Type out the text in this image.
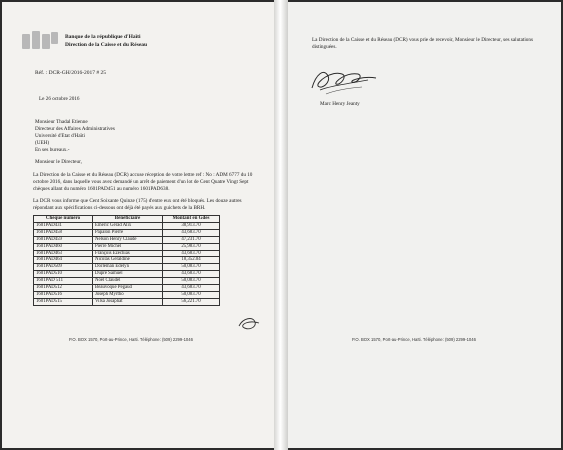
Banque de la république d'Haïti
Direction de la Caisse et du Réseau
Réf. : DCR-GH/2016-2017 # 25
Le 26 octobre 2016
Monsieur Thadal Etienne
Directeur des Affaires Administratives
Université d'Etat d'Haïti
(UEH)
En ses bureaux.-
Monsieur le Directeur,
La Direction de la Caisse et du Réseau (DCR) accuse réception de votre lettre ref : No : ADM 6777 du 10 octobre 2016, dans laquelle vous avez demandé un arrêt de paiement d'un lot de Cent Quatre Vingt Sept chèques allant du numéro 1601PAD451 au numéro 1601PAD638.
La DCR vous informe que Cent Soixante Quinze (175) d'entre eux ont été bloqués. Les douze autres répondant aux spécifications ci-dessous ont déjà été payés aux guichets de la BRH.
Chèque numéro	Bénéficiaire	Montant en Gdes
1601PAD431	Emeric Gérad Alix	38,913.70
1601PAD458	Papalon Pierre	43,683.70
1601PAD459	Nelson Henry Claude	47,231.70
1601PAD460	Pierre Michel	25,983.70
1601PAD463	François Ezechias	43,683.70
1601PAD464	Nicolas Geraldine	18,352.04
1601PAD509	Dorleman Edelyn	50,083.70
1601PAD510	Dupré Samuel	43,683.70
1601PAD 511	Noël Claudel	50,083.70
1601PAD512	Beauvoque Pegaud	43,683.70
1601PAD516	Joseph Myrtho	50,083.70
1601PAD515	Vilsa Josaphat	56,221.70
P.O. BOX 1570, Port-au-Prince, Haïti. Téléphone: (509) 2299-1046
La Direction de la Caisse et du Réseau (DCR) vous prie de recevoir, Monsieur le Directeur, ses salutations distinguées.
Marc Henry Jeanty
P.O. BOX 1570, Port-au-Prince, Haïti. Téléphone: (509) 2299-1046
